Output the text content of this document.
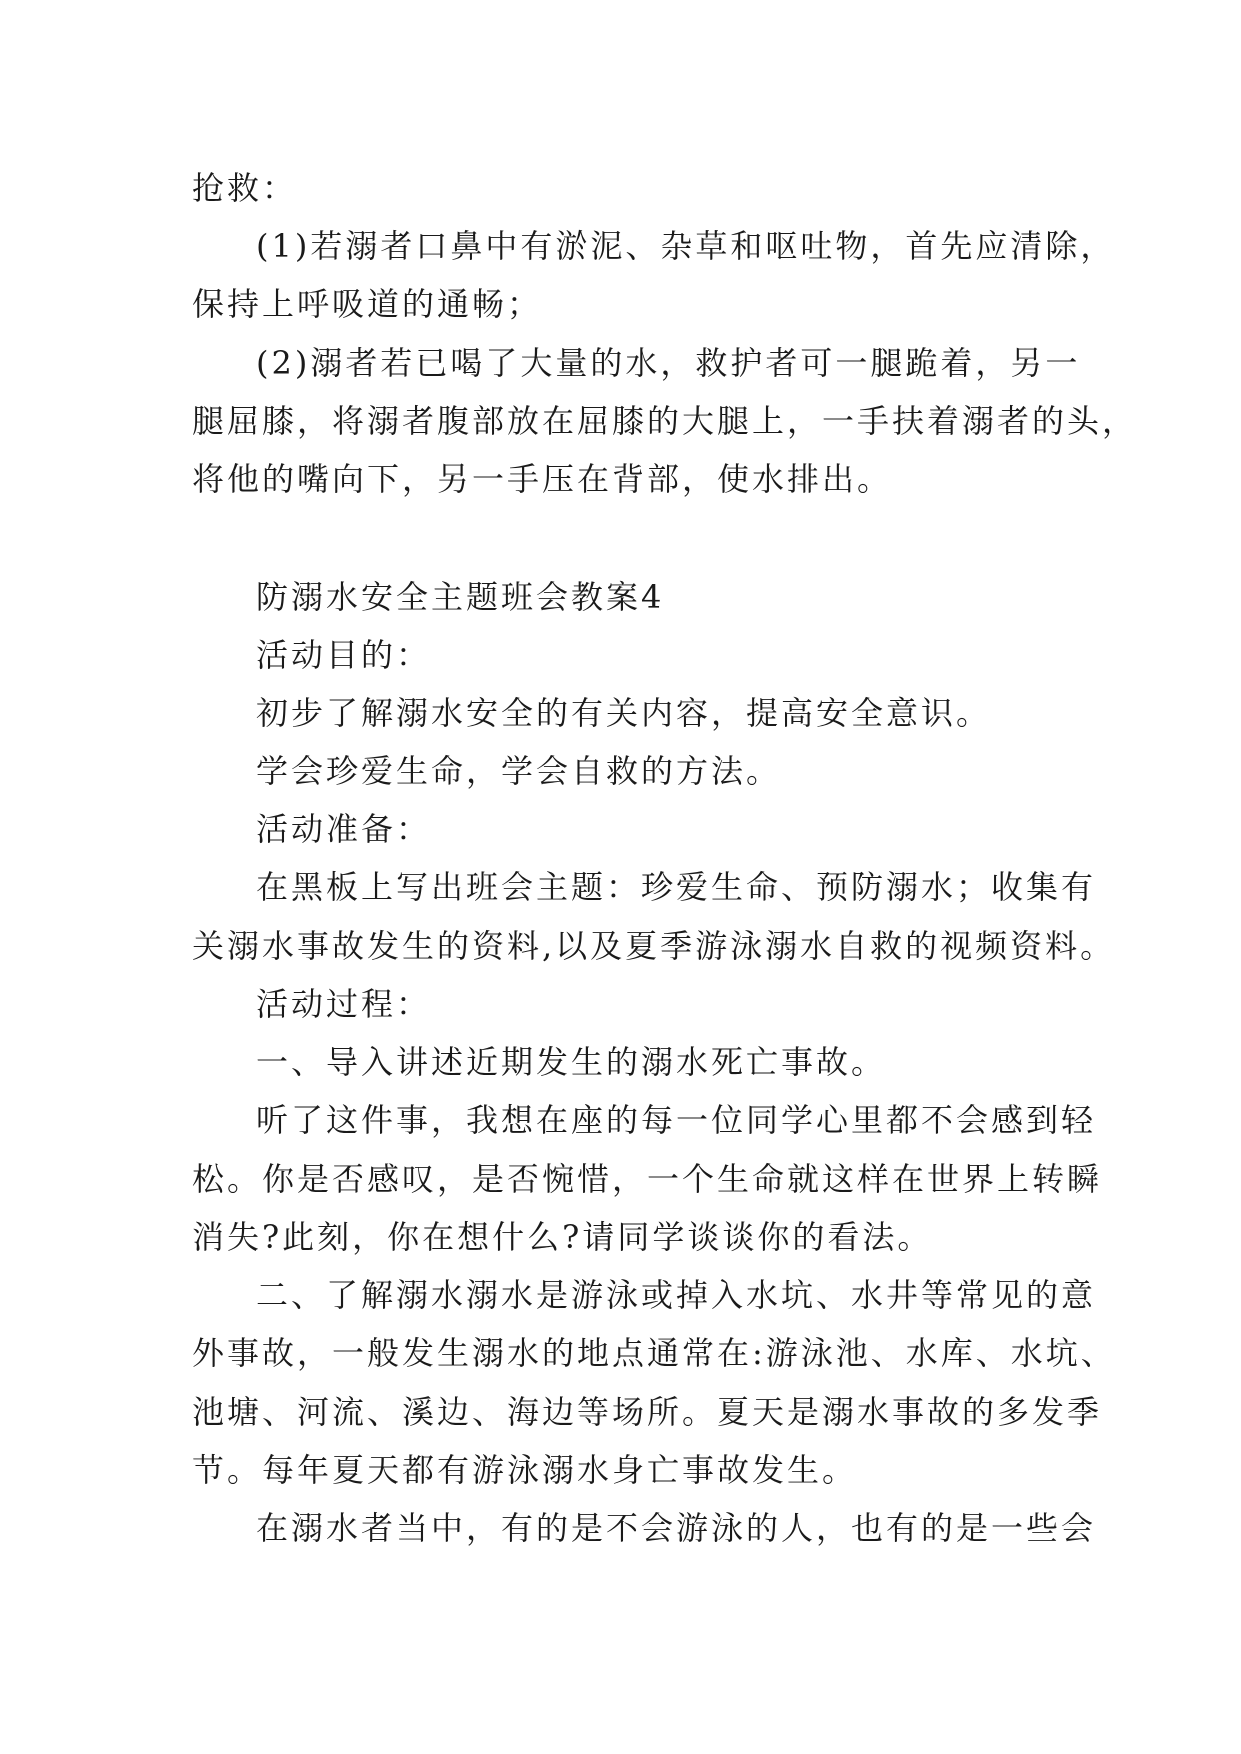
抢救：
(1)若溺者口鼻中有淤泥、杂草和呕吐物，首先应清除，
保持上呼吸道的通畅；
(2)溺者若已喝了大量的水，救护者可一腿跪着，另一
腿屈膝，将溺者腹部放在屈膝的大腿上，一手扶着溺者的头，
将他的嘴向下，另一手压在背部，使水排出。
防溺水安全主题班会教案4
活动目的：
初步了解溺水安全的有关内容，提高安全意识。
学会珍爱生命，学会自救的方法。
活动准备：
在黑板上写出班会主题：珍爱生命、预防溺水；收集有
关溺水事故发生的资料,以及夏季游泳溺水自救的视频资料。
活动过程：
一、导入讲述近期发生的溺水死亡事故。
听了这件事，我想在座的每一位同学心里都不会感到轻
松。你是否感叹，是否惋惜，一个生命就这样在世界上转瞬
消失?此刻，你在想什么?请同学谈谈你的看法。
二、了解溺水溺水是游泳或掉入水坑、水井等常见的意
外事故，一般发生溺水的地点通常在:游泳池、水库、水坑、
池塘、河流、溪边、海边等场所。夏天是溺水事故的多发季
节。每年夏天都有游泳溺水身亡事故发生。
在溺水者当中，有的是不会游泳的人，也有的是一些会
